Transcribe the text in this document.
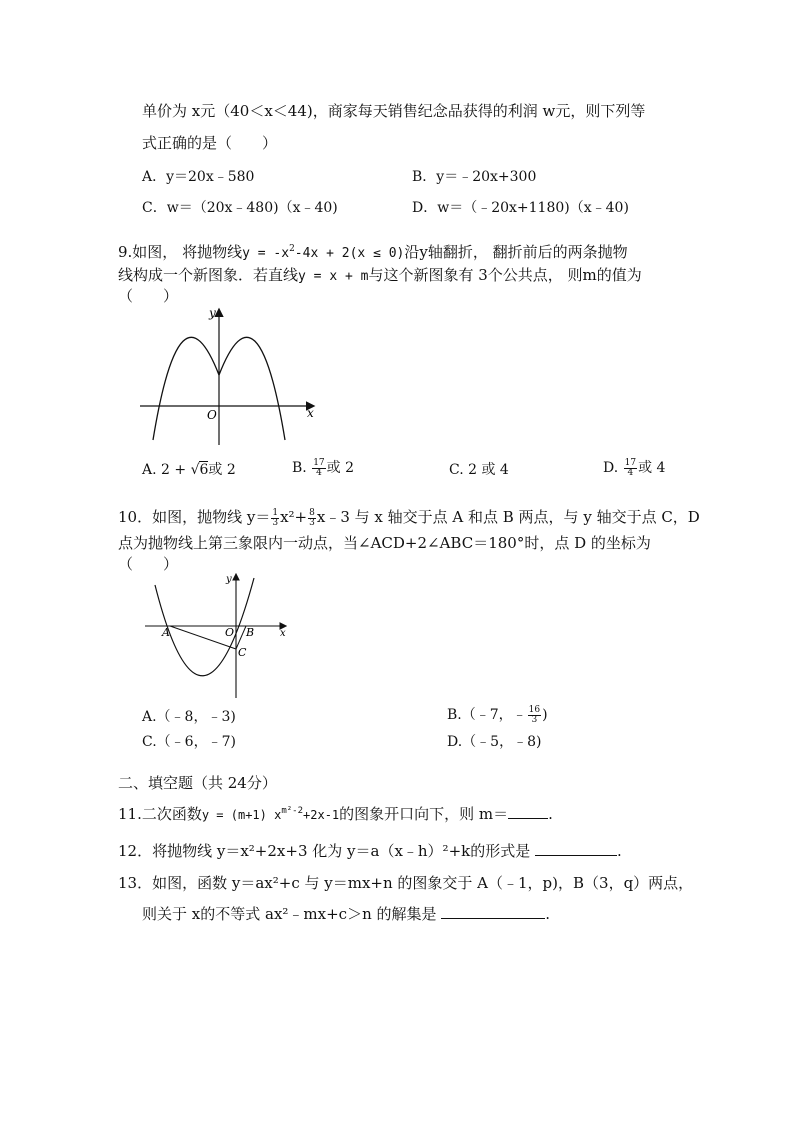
单价为 x元（40＜x＜44)，商家每天销售纪念品获得的利润 w元，则下列等
式正确的是（　　）
A．y＝20x﹣580	B．y＝﹣20x+300
C．w＝（20x﹣480)（x﹣40)	D．w＝（﹣20x+1180)（x﹣40)
9.如图， 将抛物线$y = -x^2-4x + 2(x \le 0)$沿y轴翻折， 翻折前后的两条抛物
线构成一个新图象．若直线y = x + m与这个新图象有 3个公共点， 则m的值为
（　　）
y
x
O
A. 2 + √6或 2	B. $\frac{17}{4}$ 或 2	C. 2 或 4	D. $\frac{17}{4}$ 或 4
10．如图，抛物线 $y= \frac{1}{3} x^2+ \frac{8}{3}$ x﹣3 与 x 轴交于点 A 和点 B 两点，与 y 轴交于点 C，D
点为抛物线上第三象限内一动点，当∠ACD+2∠ABC＝180°时，点 D 的坐标为
（　　）
y
x
A	O B
C
A.（﹣8，﹣3)	B.（﹣7，﹣ $\frac{16}{3}$ )
C.（﹣6，﹣7)	D.（﹣5，﹣8)
二、填空题（共 24分）
11.二次函数y = (m+1) $x^{m^2-2}+2x-1$的图象开口向下，则 m＝	.
12．将抛物线 y＝x²+2x+3 化为 y＝a（x﹣h）²+k的形式是	.
13．如图，函数 y＝ax²+c 与 y＝mx+n 的图象交于 A（﹣1，p)，B（3，q）两点，
则关于 x的不等式 ax²﹣mx+c＞n 的解集是	.
